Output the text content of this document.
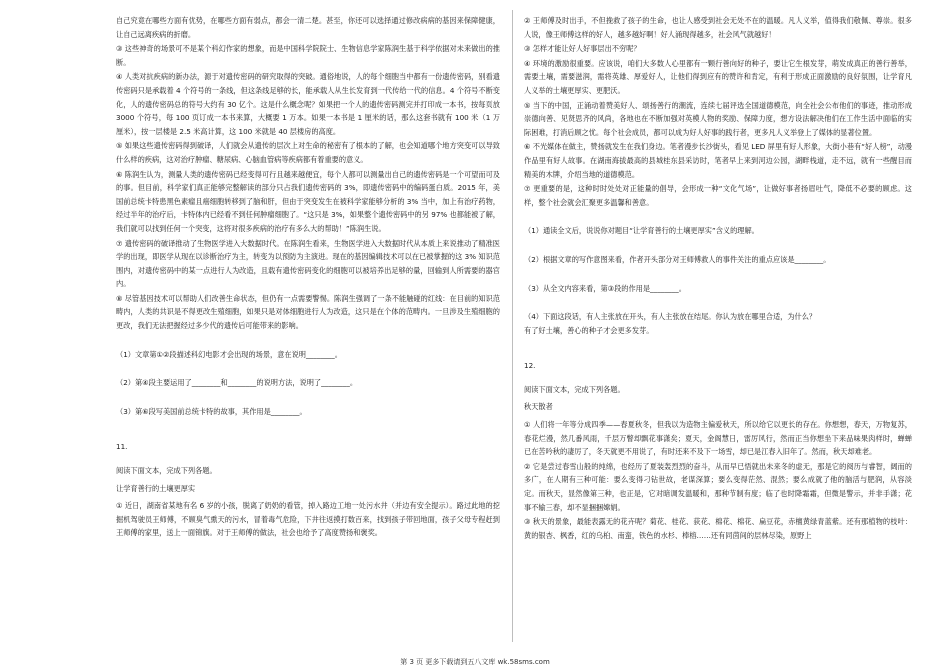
自己究竟在哪些方面有优势，在哪些方面有弱点，都会一清二楚。甚至，你还可以选择通过修改病病的基因来保障健康，让自己远离疾病的折磨。

③ 这些神奇的场景可不是某个科幻作家的想象，而是中国科学院院士、生物信息学家陈润生基于科学依据对未来做出的推断。

④ 人类对抗疾病的新办法，源于对遗传密码的研究取得的突破。通俗地说，人的每个细胞当中都有一份遗传密码，别看遗传密码只是承载着 4 个符号的一条线，但这条线足够的长，能承载人从生长发育到一代传给一代的信息。4 个符号不断变化，人的遗传密码总的符号大约有 30 亿个。这是什么概念呢？如果把一个人的遗传密码测完并打印成一本书，按每页放 3000 个符号，每 100 页订成一本书来算，大概要 1 万本。如果一本书是 1 厘米的话，那么这套书就有 100 米（1 万厘米），按一层楼是 2.5 米高计算，这 100 米就是 40 层楼房的高度。

⑤ 如果这些遗传密码得到破译，人们就会从遗传的层次上对生命的秘密有了根本的了解，也会知道哪个地方突变可以导致什么样的疾病，这对治疗肿瘤、糖尿病、心脑血管病等疾病都有着重要的意义。

⑥ 陈润生认为，测量人类的遗传密码已经变得可行且越来越便宜，每个人都可以测量出自己的遗传密码是一个可望而可及的事。但目前，科学家们真正能够完整解读的部分只占我们遗传密码的 3%，即遗传密码中的编码蛋白质。2015 年，美国前总统卡特患黑色素瘤且癌细胞转移到了脑和肝，但由于突变发生在被科学家能够分析的 3% 当中，加上有治疗药物，经过半年的治疗后，卡特体内已经看不到任何肿瘤细胞了。“这只是 3%，如果整个遗传密码中的另 97% 也都能被了解，我们就可以找到任何一个突变，这将对很多疾病的治疗有多么大的帮助！”陈润生说。

⑦ 遗传密码的破译推动了生物医学进入大数据时代。在陈润生看来，生物医学进入大数据时代从本质上来说推动了精准医学的出现，即医学从现在以诊断治疗为主，转变为以预防为主演进。现在的基因编辑技术可以在已被掌握的这 3% 知识范围内，对遗传密码中的某一点进行人为改造，且载有遗传密码变化的细胞可以被培养出足够的量，回输到人所需要的器官内。

⑧ 尽管基因技术可以帮助人们改善生命状态，但仍有一点需要警惕。陈润生强调了一条不能触碰的红线：在目前的知识范畴内，人类的共识是不得更改生殖细胞，如果只是对体细胞进行人为改造，这只是在个体的范畴内。一旦涉及生殖细胞的更改，我们无法把握经过多少代的遗传后可能带来的影响。

（1）文章第①②段描述科幻电影才会出现的场景，意在说明________。

（2）第④段主要运用了________和________的说明方法，说明了________。

（3）第⑥段写美国前总统卡特的故事，其作用是________。

11.

阅读下面文本，完成下列各题。

让学育善行的土壤更厚实

① 近日，湖南省某地有名 6 岁的小孩，脱离了奶奶的看管，掉入路边工地一处污水井（并边有安全提示）。路过此地的挖掘机驾驶员王师傅，不顾臭气熏天的污水，冒着毒气危险，下井往返摸打数百来，找到孩子带回地面，孩子父母专程赶到王师傅的家里，送上一面锦旗。对于王师傅的做法，社会也给予了高度赞扬和褒奖。

② 王师傅及时出手，不但挽救了孩子的生命，也让人感受到社会无处不在的温暖。凡人义举，值得我们敬佩、尊崇。很多人说，像王师傅这样的好人，越多越好啊！好人涌现得越多，社会风气就越好！

③ 怎样才能让好人好事层出不穷呢？

④ 环境的激励很重要。应该说，咱们大多数人心里都有一颗行善向好的种子，要让它生根发芽，萌发成真正的善行善举，需要土壤，需要滋润，需将英雄、厚爱好人，让他们得到应有的赞许和肯定，有利于形成正面激励的良好氛围，让学育凡人义举的土壤更厚实、更肥沃。

⑤ 当下的中国，正涌动着赞美好人、颂扬善行的潮流，连续七届评选全国道德模范，向全社会公布他们的事迹，推动形成崇德向善、见贤思齐的风尚，各地也在不断加强对英模人物的奖励、保障力度，想方设法解决他们在工作生活中面临的实际困难，打消后顾之忧。每个社会成员，都可以成为好人好事的践行者，更多凡人义举登上了媒体的显著位置。

⑥ 不光媒体在做主，赞扬就发生在我们身边。笔者漫步长沙街头，看见 LED 屏里有好人形象，大街小巷有“好人榜”，动漫作品里有好人故事。在湖南海拔最高的县城桂东县采访时，笔者早上来到河边公园，湖畔栈道，走不远，就有一些醒目而精美的木牌，介绍当地的道德模范。

⑦ 更重要的是，这种时时处处对正能量的倡导，会形成一种“文化气场”，让做好事者扬眉吐气，降低不必要的顾虑。这样，整个社会就会汇聚更多温馨和善意。

（1）通读全文后，说说你对题目“让学育善行的土壤更厚实”含义的理解。

（2）根据文章的写作意图来看，作者开头部分对王师傅救人的事件关注的重点应该是________。

（3）从全文内容来看，第③段的作用是________。

（4）下面这段话，有人主张放在开头，有人主张放在结尾。你认为放在哪里合适，为什么？

有了好土壤，善心的种子才会更多发芽。

12.

阅读下面文本，完成下列各题。

秋天散者

① 人们将一年等分成四季——春夏秋冬，但我以为造物主偏爱秋天，所以给它以更长的存在。你想想，春天，万物复苏，春花烂漫，然几番风雨，千层万瞥却飘花事潇矣；夏天，金阁慧日，雷厉风行，然而正当你想坐下来品味果肉样时，蝉蝉已在苦吟秋的凄厉了，冬天就更不用说了，有时还来不及下一场雪，却已是江春入旧年了。然而，秋天却难老。

② 它是尝过春雪山般的纯绵，也经历了夏装轰烈烈的奋斗，从而早已悟就出未来冬的虚无，那是它的阅历与睿智，阔而的多广，在人期有三种可能：要么变得刁钻世故，老谋深算；要么变得茫然、混然；要么成就了他的脑活与肥润，从容淡定。而秋天，显然像第三种，也正是，它对暗调发温暖和，那种节制有度；临了也时降霜霜，但微是警示，并非手潇；花事不输三春，却不显捆捆嫦娟。

③ 秋天的景象，最能表露无的花卉呢？菊花、桂花、荻花、棉花、棉花、扁豆花，赤檀黄绿青蓝紫。还有那植物的枝叶：黄的银杏、枫香，红的乌桕、南蛮，铁色的水杉、棒榕……还有同茵间的层林尽染，原野上

第 3 页 更多下载请到五八文库 wk.58sms.com
